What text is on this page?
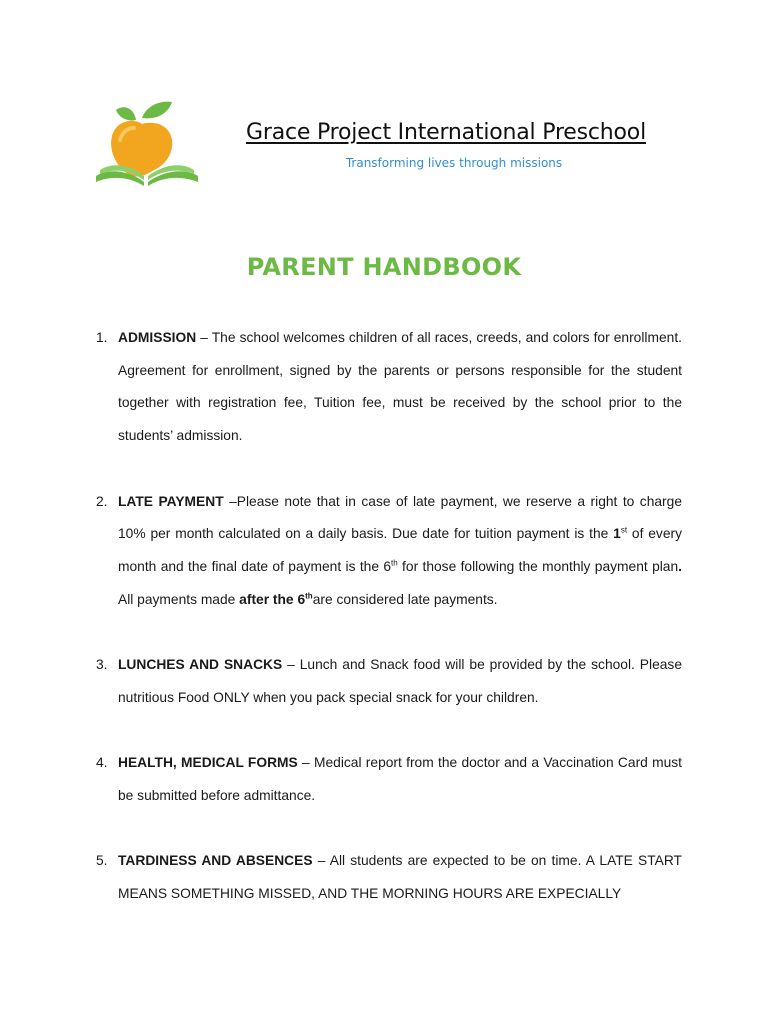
Grace Project International Preschool
Transforming lives through missions
PARENT HANDBOOK
1. ADMISSION – The school welcomes children of all races, creeds, and colors for enrollment. Agreement for enrollment, signed by the parents or persons responsible for the student together with registration fee, Tuition fee, must be received by the school prior to the students’ admission.
2. LATE PAYMENT –Please note that in case of late payment, we reserve a right to charge 10% per month calculated on a daily basis. Due date for tuition payment is the 1st of every month and the final date of payment is the 6th for those following the monthly payment plan. All payments made after the 6thare considered late payments.
3. LUNCHES AND SNACKS – Lunch and Snack food will be provided by the school. Please nutritious Food ONLY when you pack special snack for your children.
4. HEALTH, MEDICAL FORMS – Medical report from the doctor and a Vaccination Card must be submitted before admittance.
5. TARDINESS AND ABSENCES – All students are expected to be on time. A LATE START MEANS SOMETHING MISSED, AND THE MORNING HOURS ARE EXPECIALLY
